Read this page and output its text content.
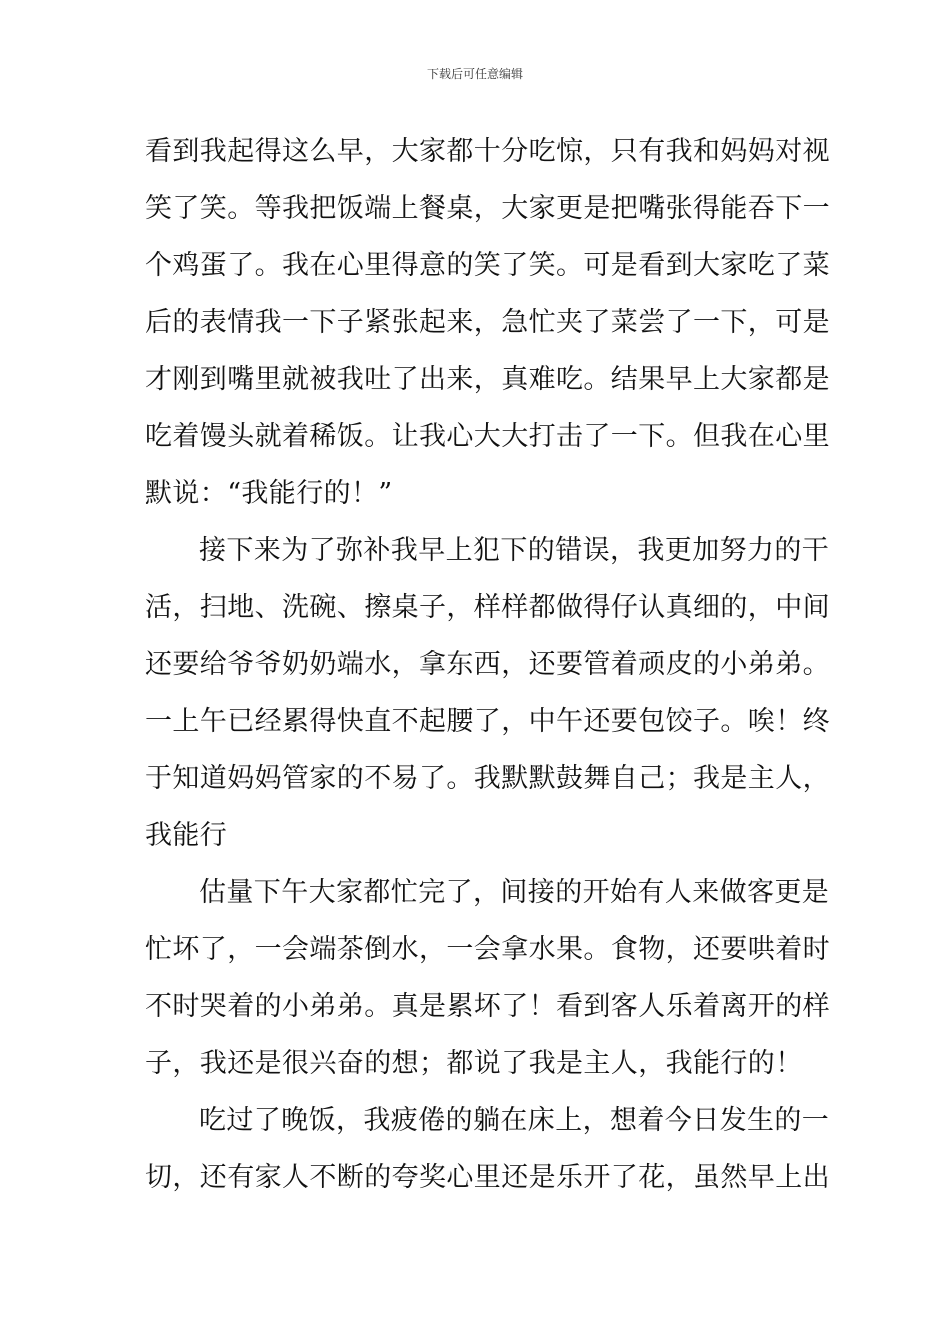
下载后可任意编辑
看到我起得这么早，大家都十分吃惊，只有我和妈妈对视
笑了笑。等我把饭端上餐桌，大家更是把嘴张得能吞下一
个鸡蛋了。我在心里得意的笑了笑。可是看到大家吃了菜
后的表情我一下子紧张起来，急忙夹了菜尝了一下，可是
才刚到嘴里就被我吐了出来，真难吃。结果早上大家都是
吃着馒头就着稀饭。让我心大大打击了一下。但我在心里
默说：“我能行的！”
接下来为了弥补我早上犯下的错误，我更加努力的干
活，扫地、洗碗、擦桌子，样样都做得仔认真细的，中间
还要给爷爷奶奶端水，拿东西，还要管着顽皮的小弟弟。
一上午已经累得快直不起腰了，中午还要包饺子。唉！终
于知道妈妈管家的不易了。我默默鼓舞自己；我是主人，
我能行
估量下午大家都忙完了，间接的开始有人来做客更是
忙坏了，一会端茶倒水，一会拿水果。食物，还要哄着时
不时哭着的小弟弟。真是累坏了！看到客人乐着离开的样
子，我还是很兴奋的想；都说了我是主人，我能行的！
吃过了晚饭，我疲倦的躺在床上，想着今日发生的一
切，还有家人不断的夸奖心里还是乐开了花，虽然早上出
